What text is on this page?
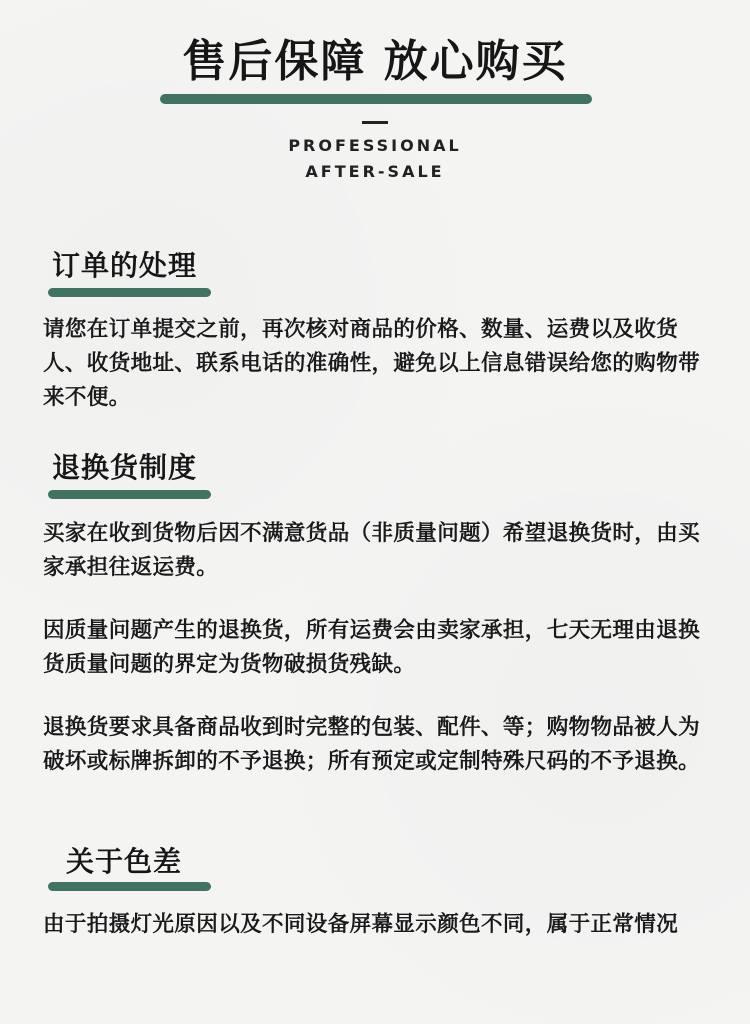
售后保障 放心购买

PROFESSIONAL

AFTER-SALE

订单的处理

请您在订单提交之前，再次核对商品的价格、数量、运费以及收货人、收货地址、联系电话的准确性，避免以上信息错误给您的购物带来不便。

退换货制度

买家在收到货物后因不满意货品（非质量问题）希望退换货时，由买家承担往返运费。

因质量问题产生的退换货，所有运费会由卖家承担，七天无理由退换货质量问题的界定为货物破损货残缺。

退换货要求具备商品收到时完整的包装、配件、等；购物物品被人为破坏或标牌拆卸的不予退换；所有预定或定制特殊尺码的不予退换。

关于色差

由于拍摄灯光原因以及不同设备屏幕显示颜色不同，属于正常情况
